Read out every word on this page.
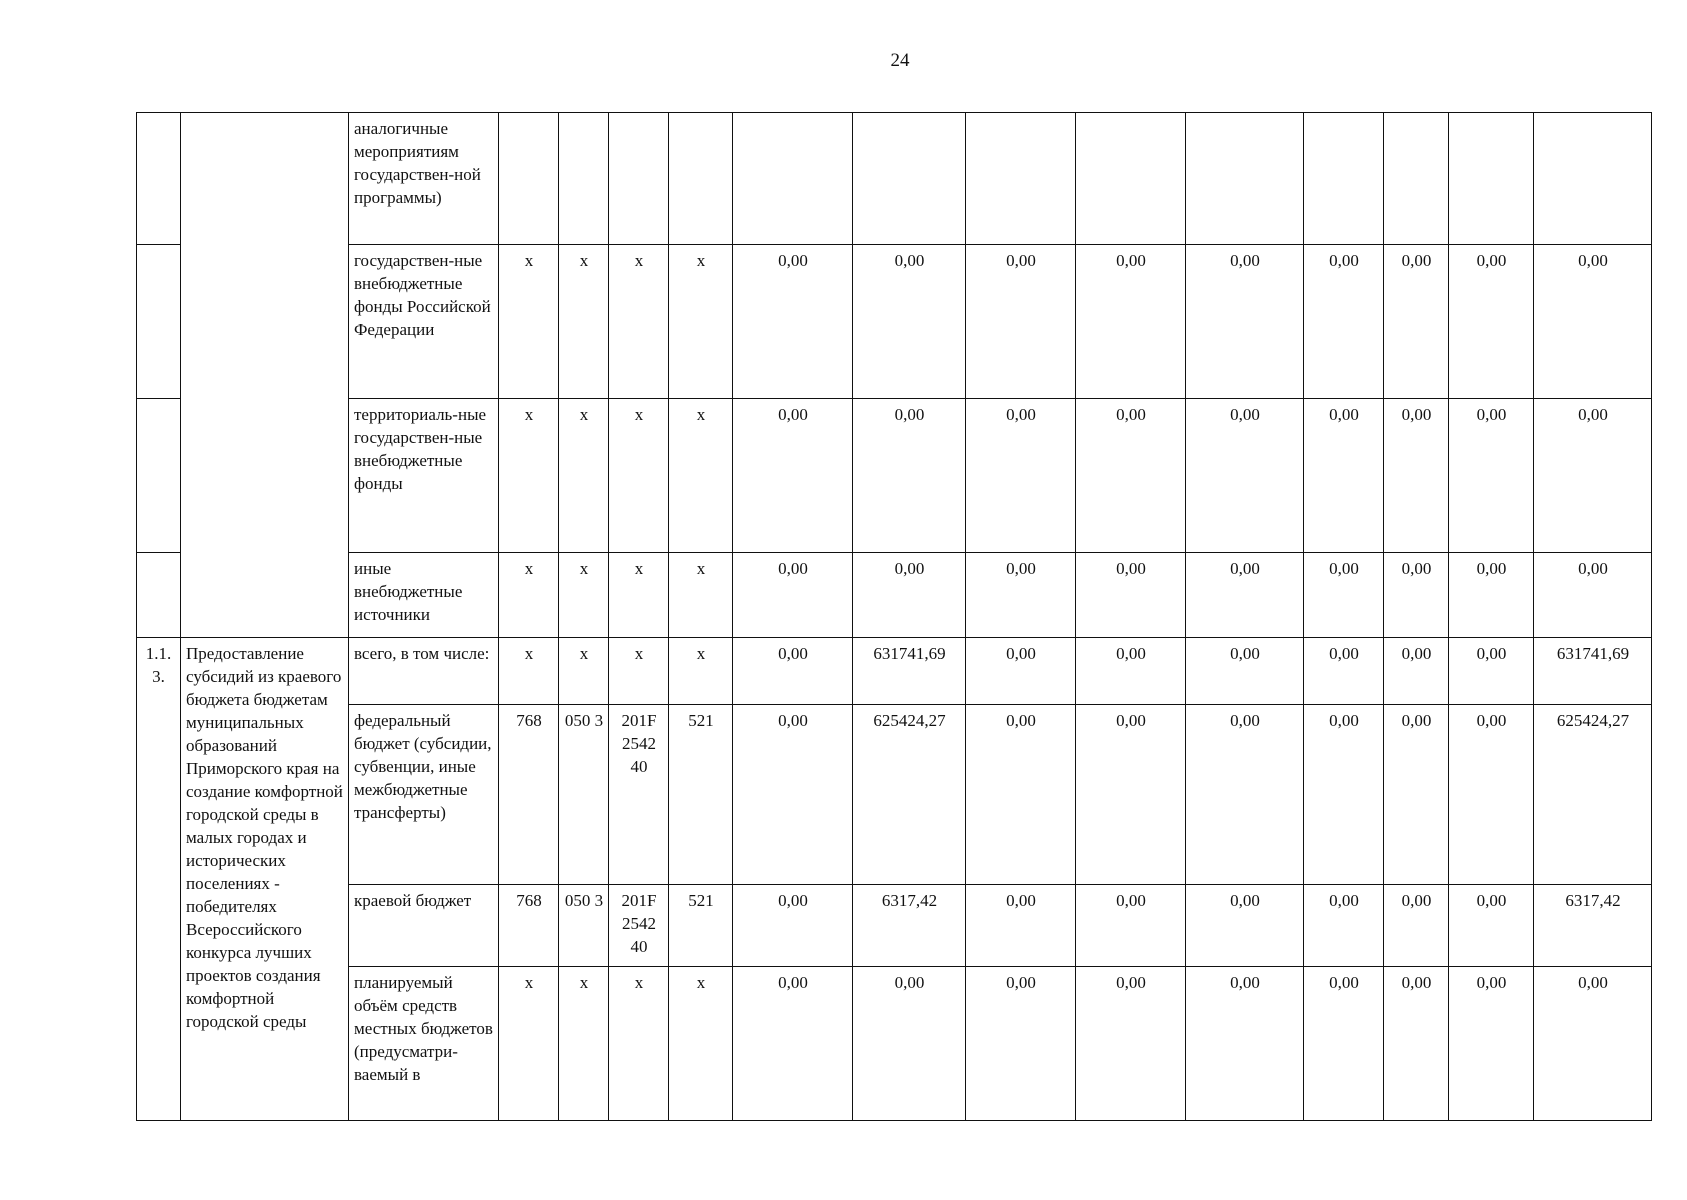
24
		аналогичные мероприятиям государствен-ной программы)													
		государствен-ные внебюджетные фонды Российской Федерации	х	х	х	х	0,00	0,00	0,00	0,00	0,00	0,00	0,00	0,00	0,00
		территориаль-ные государствен-ные внебюджетные фонды	х	х	х	х	0,00	0,00	0,00	0,00	0,00	0,00	0,00	0,00	0,00
		иные внебюджетные источники	х	х	х	х	0,00	0,00	0,00	0,00	0,00	0,00	0,00	0,00	0,00
1.1. 3.	Предоставление субсидий из краевого бюджета бюджетам муниципальных образований Приморского края на создание комфортной городской среды в малых городах и исторических поселениях - победителях Всероссийского конкурса лучших проектов создания комфортной городской среды	всего, в том числе:	х	х	х	х	0,00	631741,69	0,00	0,00	0,00	0,00	0,00	0,00	631741,69
		федеральный бюджет (субсидии, субвенции, иные межбюджетные трансферты)	768	050 3	201F 2542 40	521	0,00	625424,27	0,00	0,00	0,00	0,00	0,00	0,00	625424,27
		краевой бюджет	768	050 3	201F 2542 40	521	0,00	6317,42	0,00	0,00	0,00	0,00	0,00	0,00	6317,42
		планируемый объём средств местных бюджетов (предусматри-ваемый в	х	х	х	х	0,00	0,00	0,00	0,00	0,00	0,00	0,00	0,00	0,00
